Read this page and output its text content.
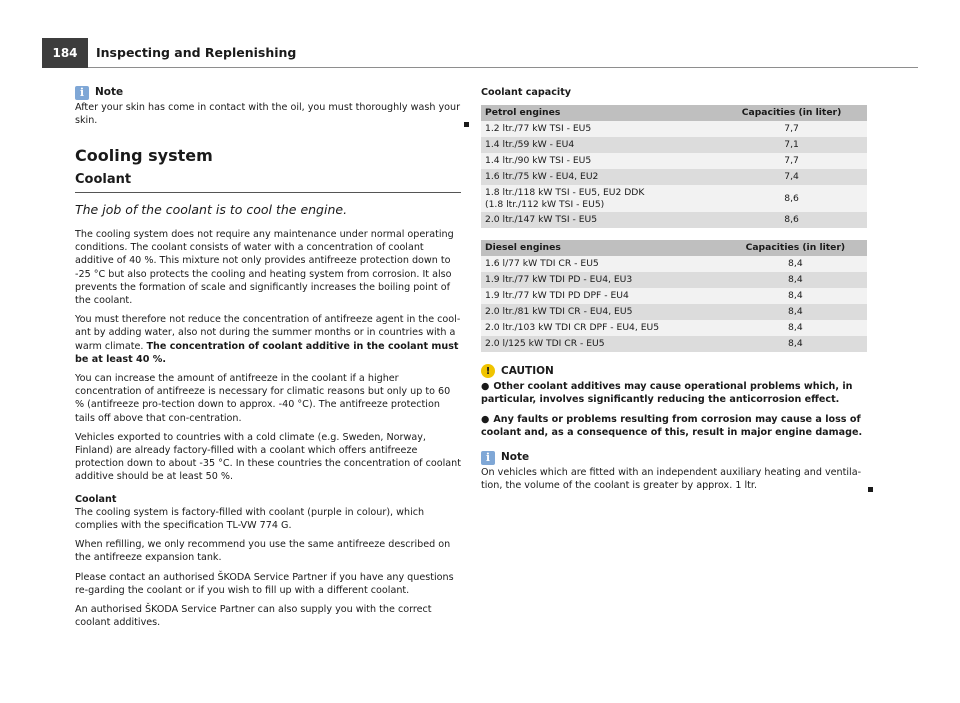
184	Inspecting and Replenishing
i	Note

After your skin has come in contact with the oil, you must thoroughly wash your skin.

Cooling system
Coolant
The job of the coolant is to cool the engine.

The cooling system does not require any maintenance under normal operating conditions. The coolant consists of water with a concentration of coolant additive of 40 %. This mixture not only provides antifreeze protection down to -25 °C but also protects the cooling and heating system from corrosion. It also prevents the formation of scale and significantly increases the boiling point of the coolant.

You must therefore not reduce the concentration of antifreeze agent in the cool-ant by adding water, also not during the summer months or in countries with a warm climate. The concentration of coolant additive in the coolant must be at least 40 %.

You can increase the amount of antifreeze in the coolant if a higher concentration of antifreeze is necessary for climatic reasons but only up to 60 % (antifreeze pro-tection down to approx. -40 °C). The antifreeze protection tails off above that con-centration.

Vehicles exported to countries with a cold climate (e.g. Sweden, Norway, Finland) are already factory-filled with a coolant which offers antifreeze protection down to about -35 °C. In these countries the concentration of coolant additive should be at least 50 %.

Coolant

The cooling system is factory-filled with coolant (purple in colour), which complies with the specification TL-VW 774 G.

When refilling, we only recommend you use the same antifreeze described on the antifreeze expansion tank.

Please contact an authorised ŠKODA Service Partner if you have any questions re-garding the coolant or if you wish to fill up with a different coolant.

An authorised ŠKODA Service Partner can also supply you with the correct coolant additives.

Coolant capacity
Petrol engines	Capacities (in liter)
1.2 ltr./77 kW TSI - EU5	7,7
1.4 ltr./59 kW - EU4	7,1
1.4 ltr./90 kW TSI - EU5	7,7
1.6 ltr./75 kW - EU4, EU2	7,4

1.8 ltr./118 kW TSI - EU5, EU2 DDK
(1.8 ltr./112 kW TSI - EU5)	8,6
2.0 ltr./147 kW TSI - EU5	8,6
Diesel engines	Capacities (in liter)
1.6 l/77 kW TDI CR - EU5	8,4
1.9 ltr./77 kW TDI PD - EU4, EU3	8,4
1.9 ltr./77 kW TDI PD DPF - EU4	8,4
2.0 ltr./81 kW TDI CR - EU4, EU5	8,4
2.0 ltr./103 kW TDI CR DPF - EU4, EU5	8,4
2.0 l/125 kW TDI CR - EU5	8,4
!	CAUTION
● Other coolant additives may cause operational problems which, in particular, involves significantly reducing the anticorrosion effect.
● Any faults or problems resulting from corrosion may cause a loss of coolant and, as a consequence of this, result in major engine damage.
i	Note

On vehicles which are fitted with an independent auxiliary heating and ventila-tion, the volume of the coolant is greater by approx. 1 ltr.
